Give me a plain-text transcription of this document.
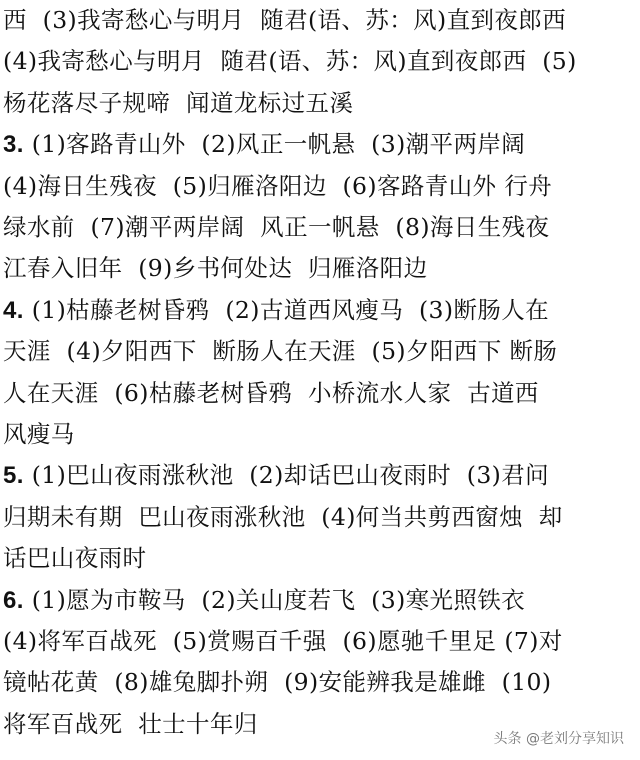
西  (3)我寄愁心与明月  随君(语、苏：风)直到夜郎西
(4)我寄愁心与明月  随君(语、苏：风)直到夜郎西  (5)
杨花落尽子规啼  闻道龙标过五溪
3. (1)客路青山外  (2)风正一帆悬  (3)潮平两岸阔
(4)海日生残夜  (5)归雁洛阳边  (6)客路青山外 行舟
绿水前  (7)潮平两岸阔  风正一帆悬  (8)海日生残夜
江春入旧年  (9)乡书何处达  归雁洛阳边
4. (1)枯藤老树昏鸦  (2)古道西风瘦马  (3)断肠人在
天涯  (4)夕阳西下  断肠人在天涯  (5)夕阳西下 断肠
人在天涯  (6)枯藤老树昏鸦  小桥流水人家  古道西
风瘦马
5. (1)巴山夜雨涨秋池  (2)却话巴山夜雨时  (3)君问
归期未有期  巴山夜雨涨秋池  (4)何当共剪西窗烛  却
话巴山夜雨时
6. (1)愿为市鞍马  (2)关山度若飞  (3)寒光照铁衣
(4)将军百战死  (5)赏赐百千强  (6)愿驰千里足 (7)对
镜帖花黄  (8)雄兔脚扑朔  (9)安能辨我是雄雌  (10)
将军百战死  壮士十年归
头条 @老刘分享知识
